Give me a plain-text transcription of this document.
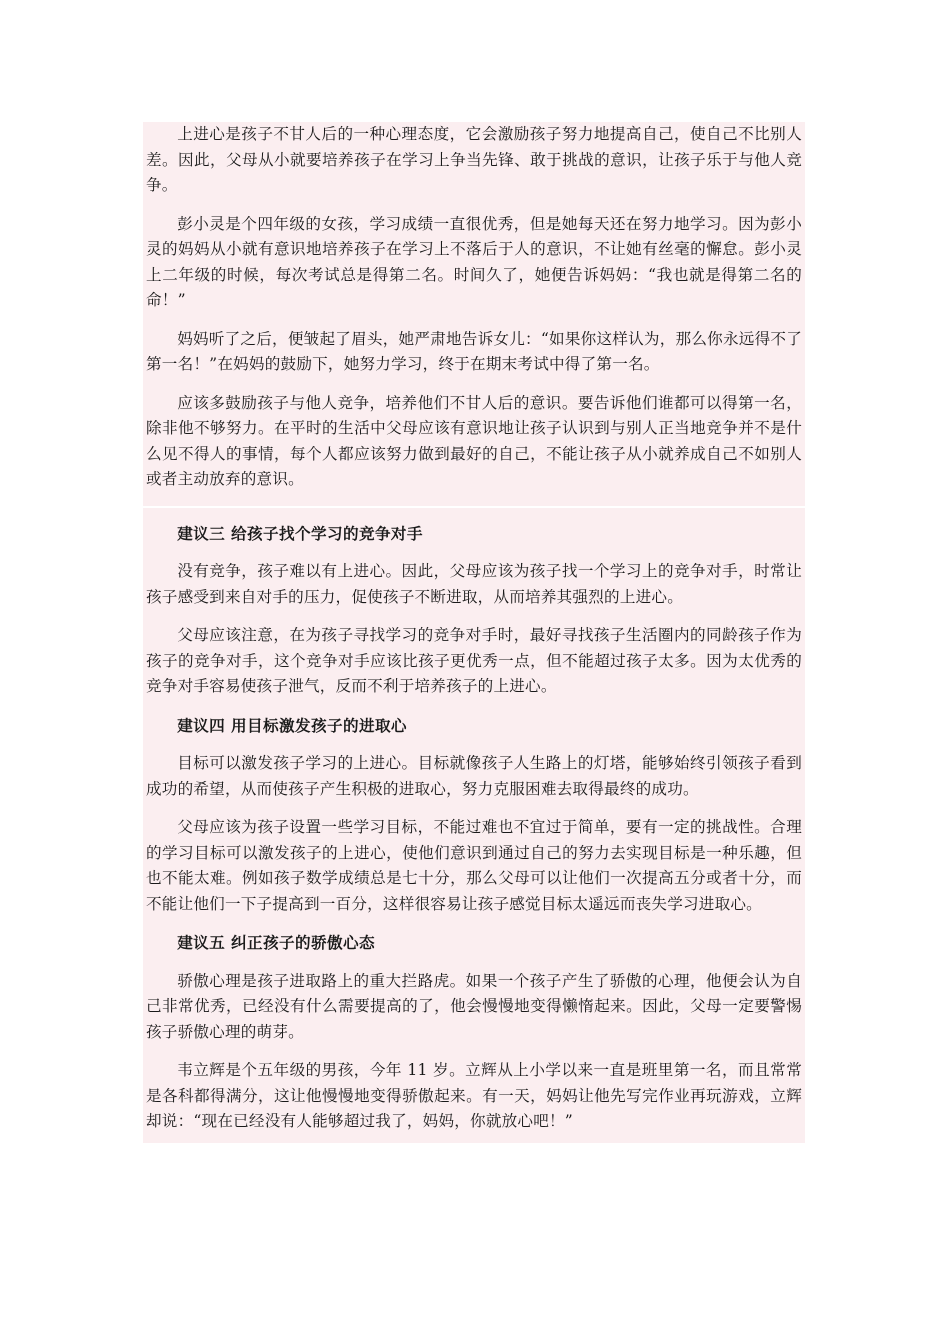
上进心是孩子不甘人后的一种心理态度，它会激励孩子努力地提高自己，使自己不比别人差。因此，父母从小就要培养孩子在学习上争当先锋、敢于挑战的意识，让孩子乐于与他人竞争。

彭小灵是个四年级的女孩，学习成绩一直很优秀，但是她每天还在努力地学习。因为彭小灵的妈妈从小就有意识地培养孩子在学习上不落后于人的意识，不让她有丝毫的懈怠。彭小灵上二年级的时候，每次考试总是得第二名。时间久了，她便告诉妈妈：“我也就是得第二名的命！”

妈妈听了之后，便皱起了眉头，她严肃地告诉女儿：“如果你这样认为，那么你永远得不了第一名！”在妈妈的鼓励下，她努力学习，终于在期末考试中得了第一名。

应该多鼓励孩子与他人竞争，培养他们不甘人后的意识。要告诉他们谁都可以得第一名，除非他不够努力。在平时的生活中父母应该有意识地让孩子认识到与别人正当地竞争并不是什么见不得人的事情，每个人都应该努力做到最好的自己，不能让孩子从小就养成自己不如别人或者主动放弃的意识。

建议三 给孩子找个学习的竞争对手

没有竞争，孩子难以有上进心。因此，父母应该为孩子找一个学习上的竞争对手，时常让孩子感受到来自对手的压力，促使孩子不断进取，从而培养其强烈的上进心。

父母应该注意，在为孩子寻找学习的竞争对手时，最好寻找孩子生活圈内的同龄孩子作为孩子的竞争对手，这个竞争对手应该比孩子更优秀一点，但不能超过孩子太多。因为太优秀的竞争对手容易使孩子泄气，反而不利于培养孩子的上进心。

建议四 用目标激发孩子的进取心

目标可以激发孩子学习的上进心。目标就像孩子人生路上的灯塔，能够始终引领孩子看到成功的希望，从而使孩子产生积极的进取心，努力克服困难去取得最终的成功。

父母应该为孩子设置一些学习目标，不能过难也不宜过于简单，要有一定的挑战性。合理的学习目标可以激发孩子的上进心，使他们意识到通过自己的努力去实现目标是一种乐趣，但也不能太难。例如孩子数学成绩总是七十分，那么父母可以让他们一次提高五分或者十分，而不能让他们一下子提高到一百分，这样很容易让孩子感觉目标太遥远而丧失学习进取心。

建议五 纠正孩子的骄傲心态

骄傲心理是孩子进取路上的重大拦路虎。如果一个孩子产生了骄傲的心理，他便会认为自己非常优秀，已经没有什么需要提高的了，他会慢慢地变得懒惰起来。因此，父母一定要警惕孩子骄傲心理的萌芽。

韦立辉是个五年级的男孩，今年 11 岁。立辉从上小学以来一直是班里第一名，而且常常是各科都得满分，这让他慢慢地变得骄傲起来。有一天，妈妈让他先写完作业再玩游戏，立辉却说：“现在已经没有人能够超过我了，妈妈，你就放心吧！”
